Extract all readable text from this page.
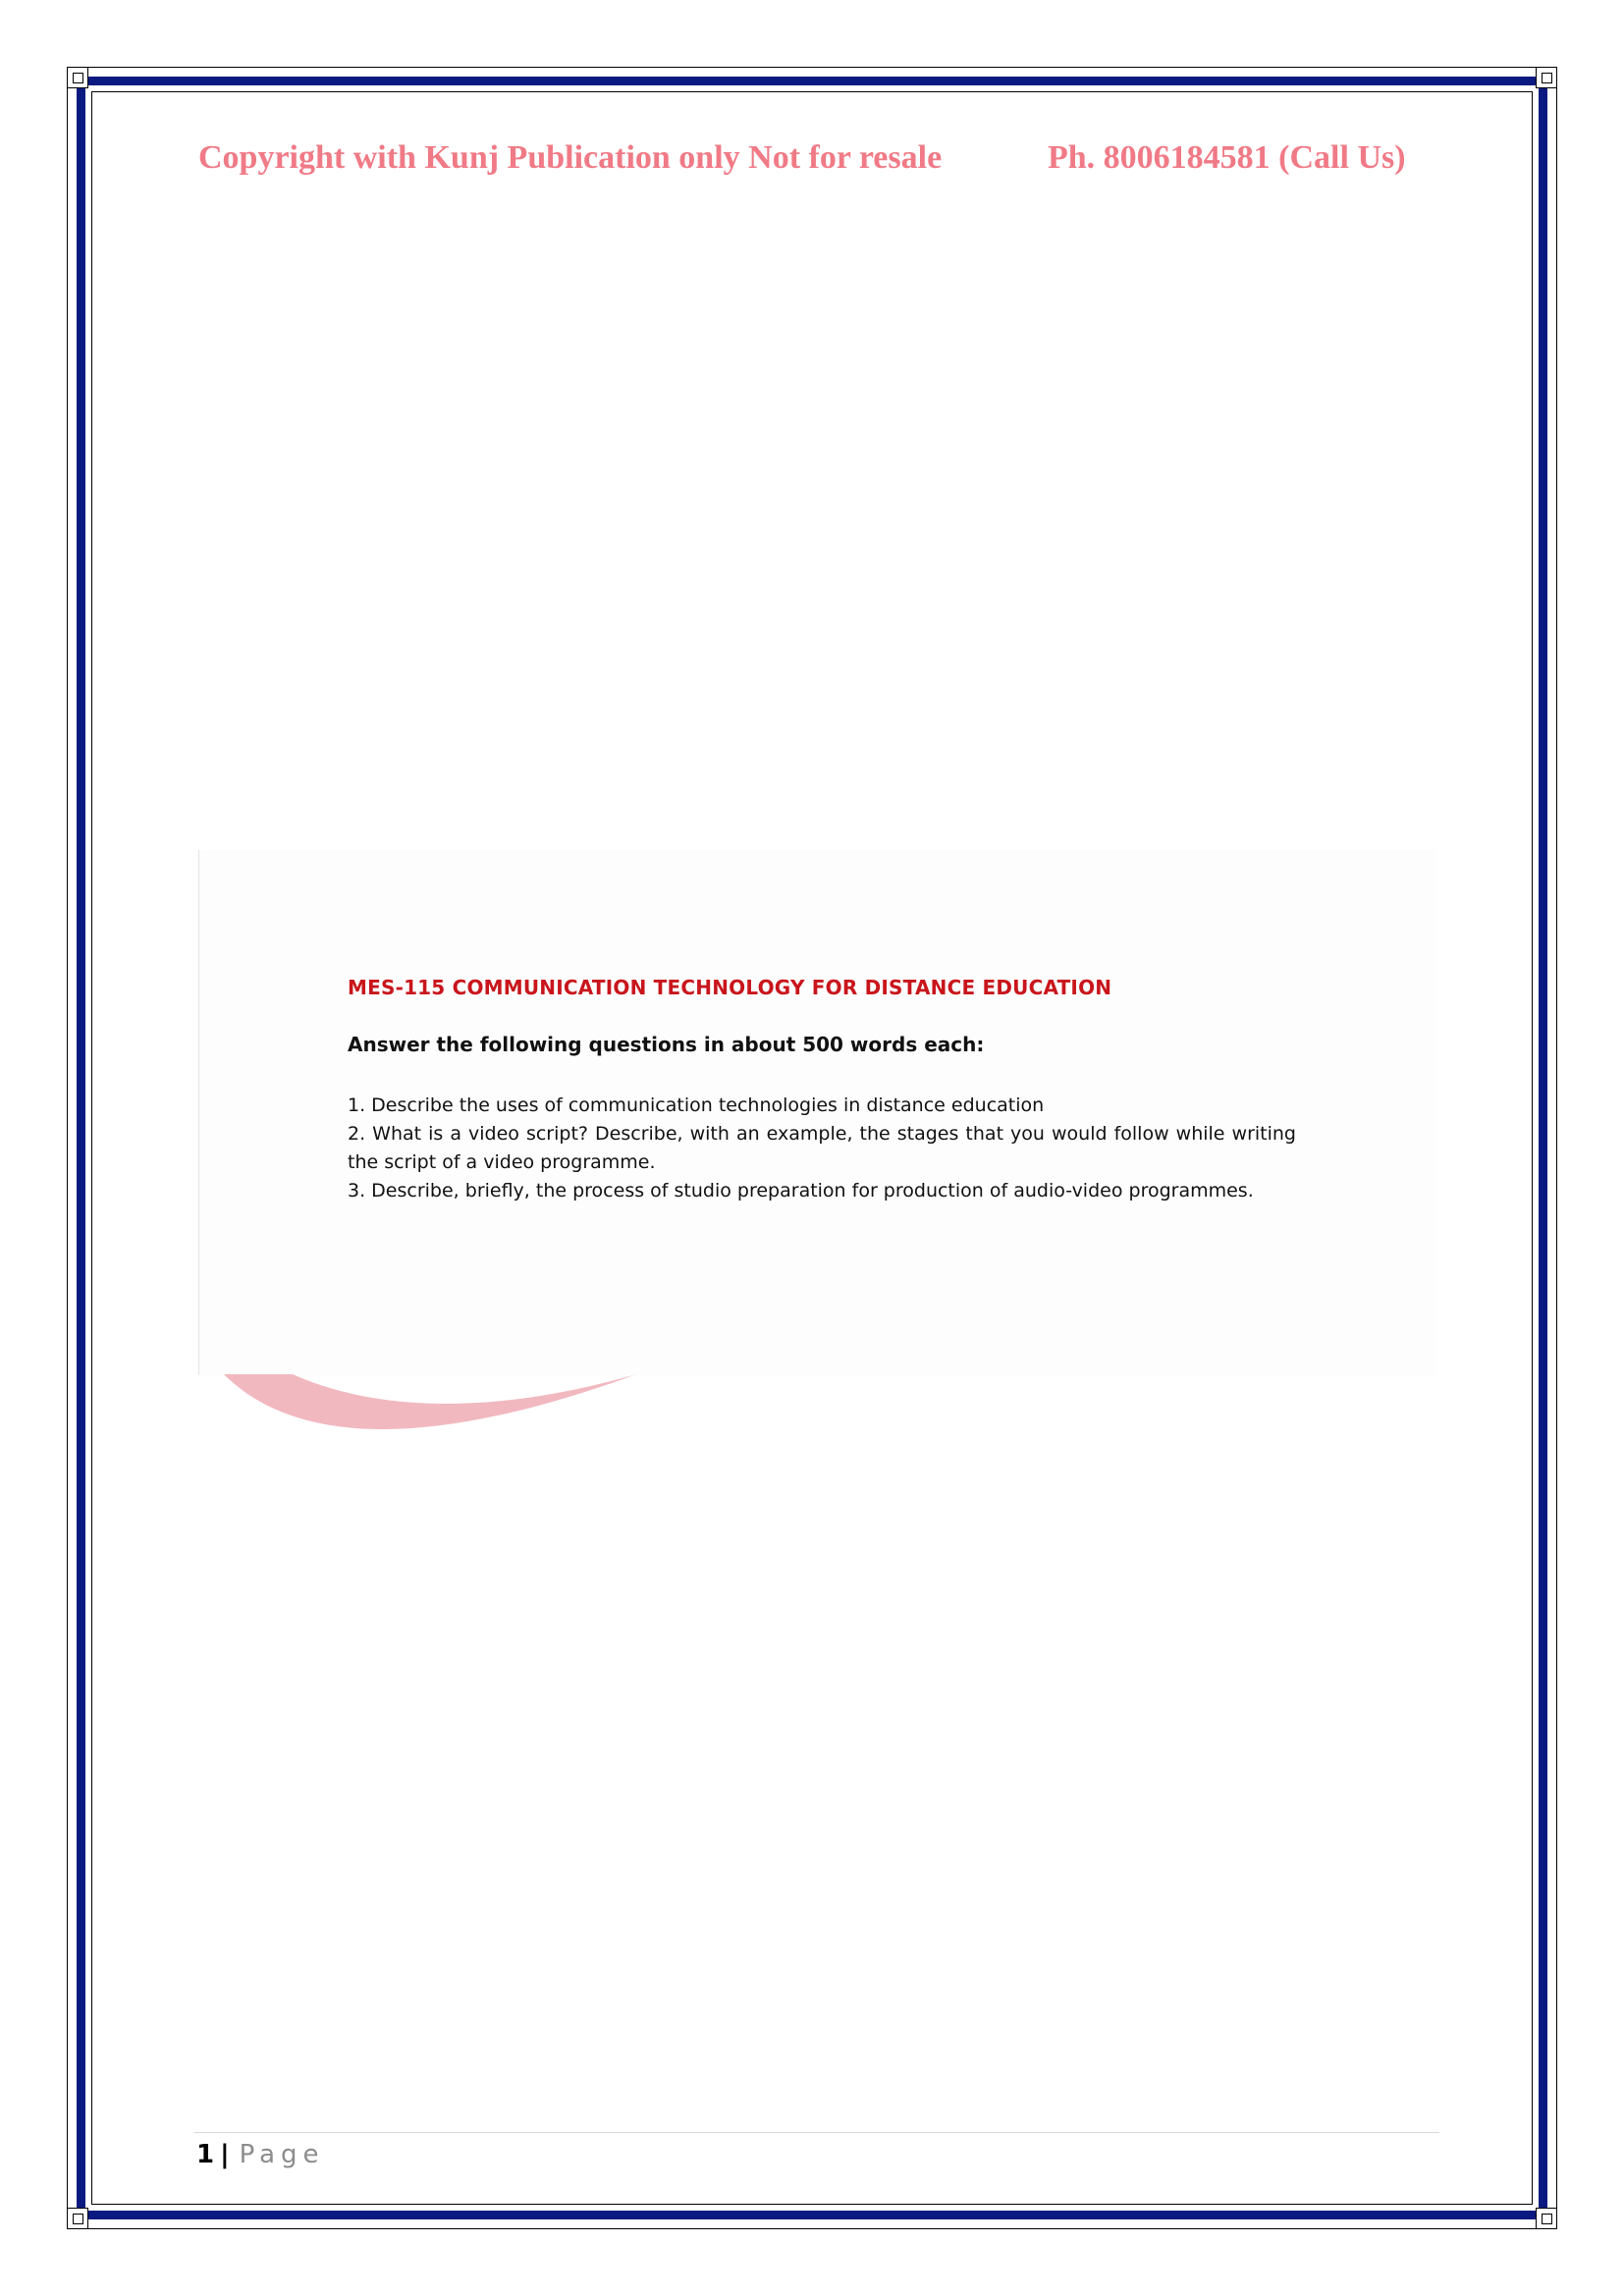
Copyright with Kunj Publication only Not for resale	Ph. 8006184581 (Call Us)

MES-115 COMMUNICATION TECHNOLOGY FOR DISTANCE EDUCATION

Answer the following questions in about 500 words each:

1. Describe the uses of communication technologies in distance education
2. What is a video script? Describe, with an example, the stages that you would follow while writing the script of a video programme.
3. Describe, briefly, the process of studio preparation for production of audio-video programmes.
1 | Page
